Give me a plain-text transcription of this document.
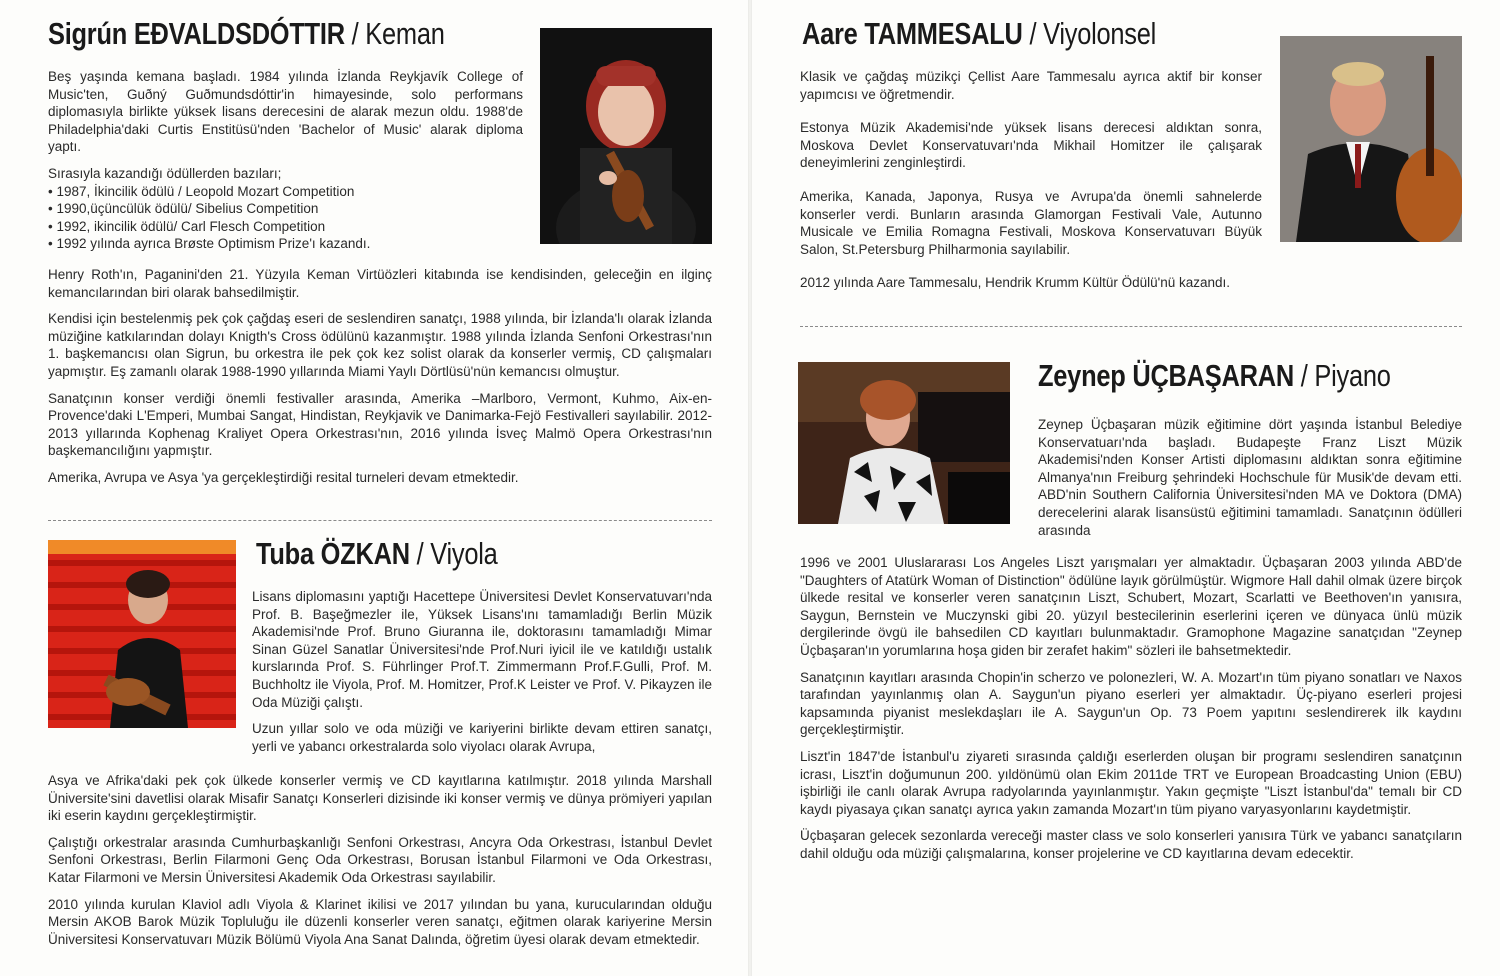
Sigrún EÐVALDSDÓTTIR / Keman

Beş yaşında kemana başladı. 1984 yılında İzlanda Reykjavík College of Music'ten, Guðný Guðmundsdóttir'in himayesinde, solo performans diplomasıyla birlikte yüksek lisans derecesini de alarak mezun oldu. 1988'de Philadelphia'daki Curtis Enstitüsü'nden 'Bachelor of Music' alarak diploma yaptı.

Sırasıyla kazandığı ödüllerden bazıları;

• 1987, İkincilik ödülü / Leopold Mozart Competition
• 1990,üçüncülük ödülü/ Sibelius Competition
• 1992, ikincilik ödülü/ Carl Flesch Competition
• 1992 yılında ayrıca Brøste Optimism Prize'ı kazandı.

Henry Roth'ın, Paganini'den 21. Yüzyıla Keman Virtüözleri kitabında ise kendisinden, geleceğin en ilginç kemancılarından biri olarak bahsedilmiştir.

Kendisi için bestelenmiş pek çok çağdaş eseri de seslendiren sanatçı, 1988 yılında, bir İzlanda'lı olarak İzlanda müziğine katkılarından dolayı Knigth's Cross ödülünü kazanmıştır. 1988 yılında İzlanda Senfoni Orkestrası'nın 1. başkemancısı olan Sigrun, bu orkestra ile pek çok kez solist olarak da konserler vermiş, CD çalışmaları yapmıştır. Eş zamanlı olarak 1988-1990 yıllarında Miami Yaylı Dörtlüsü'nün kemancısı olmuştur.

Sanatçının konser verdiği önemli festivaller arasında, Amerika –Marlboro, Vermont, Kuhmo, Aix-en-Provence'daki L'Emperi, Mumbai Sangat, Hindistan, Reykjavik ve Danimarka-Fejö Festivalleri sayılabilir. 2012-2013 yıllarında Kophenag Kraliyet Opera Orkestrası'nın, 2016 yılında İsveç Malmö Opera Orkestrası'nın başkemancılığını yapmıştır.

Amerika, Avrupa ve Asya 'ya gerçekleştirdiği resital turneleri devam etmektedir.

Tuba ÖZKAN / Viyola

Lisans diplomasını yaptığı Hacettepe Üniversitesi Devlet Konservatuvarı'nda Prof. B. Başeğmezler ile, Yüksek Lisans'ını tamamladığı Berlin Müzik Akademisi'nde Prof. Bruno Giuranna ile, doktorasını tamamladığı Mimar Sinan Güzel Sanatlar Üniversitesi'nde Prof.Nuri iyicil ile ve katıldığı ustalık kurslarında Prof. S. Führlinger Prof.T. Zimmermann Prof.F.Gulli, Prof. M. Buchholtz ile Viyola, Prof. M. Homitzer, Prof.K Leister ve Prof. V. Pikayzen ile Oda Müziği çalıştı.

Uzun yıllar solo ve oda müziği ve kariyerini birlikte devam ettiren sanatçı, yerli ve yabancı orkestralarda solo viyolacı olarak Avrupa,

Asya ve Afrika'daki pek çok ülkede konserler vermiş ve CD kayıtlarına katılmıştır. 2018 yılında Marshall Üniversite'sini davetlisi olarak Misafir Sanatçı Konserleri dizisinde iki konser vermiş ve dünya prömiyeri yapılan iki eserin kaydını gerçekleştirmiştir.

Çalıştığı orkestralar arasında Cumhurbaşkanlığı Senfoni Orkestrası, Ancyra Oda Orkestrası, İstanbul Devlet Senfoni Orkestrası, Berlin Filarmoni Genç Oda Orkestrası, Borusan İstanbul Filarmoni ve Oda Orkestrası, Katar Filarmoni ve Mersin Üniversitesi Akademik Oda Orkestrası sayılabilir.

2010 yılında kurulan Klaviol adlı Viyola & Klarinet ikilisi ve 2017 yılından bu yana, kurucularından olduğu Mersin AKOB Barok Müzik Topluluğu ile düzenli konserler veren sanatçı, eğitmen olarak kariyerine Mersin Üniversitesi Konservatuvarı Müzik Bölümü Viyola Ana Sanat Dalında, öğretim üyesi olarak devam etmektedir.

Aare TAMMESALU / Viyolonsel

Klasik ve çağdaş müzikçi Çellist Aare Tammesalu ayrıca aktif bir konser yapımcısı ve öğretmendir.

Estonya Müzik Akademisi'nde yüksek lisans derecesi aldıktan sonra, Moskova Devlet Konservatuvarı'nda Mikhail Homitzer ile çalışarak deneyimlerini zenginleştirdi.

Amerika, Kanada, Japonya, Rusya ve Avrupa'da önemli sahnelerde konserler verdi. Bunların arasında Glamorgan Festivali Vale, Autunno Musicale ve Emilia Romagna Festivali, Moskova Konservatuvarı Büyük Salon, St.Petersburg Philharmonia sayılabilir.

2012 yılında Aare Tammesalu, Hendrik Krumm Kültür Ödülü'nü kazandı.

Zeynep ÜÇBAŞARAN / Piyano

Zeynep Üçbaşaran müzik eğitimine dört yaşında İstanbul Belediye Konservatuarı'nda başladı. Budapeşte Franz Liszt Müzik Akademisi'nden Konser Artisti diplomasını aldıktan sonra eğitimine Almanya'nın Freiburg şehrindeki Hochschule für Musik'de devam etti. ABD'nin Southern California Üniversitesi'nden MA ve Doktora (DMA) derecelerini alarak lisansüstü eğitimini tamamladı. Sanatçının ödülleri arasında

1996 ve 2001 Uluslararası Los Angeles Liszt yarışmaları yer almaktadır. Üçbaşaran 2003 yılında ABD'de "Daughters of Atatürk Woman of Distinction" ödülüne layık görülmüştür. Wigmore Hall dahil olmak üzere birçok ülkede resital ve konserler veren sanatçının Liszt, Schubert, Mozart, Scarlatti ve Beethoven'ın yanısıra, Saygun, Bernstein ve Muczynski gibi 20. yüzyıl bestecilerinin eserlerini içeren ve dünyaca ünlü müzik dergilerinde övgü ile bahsedilen CD kayıtları bulunmaktadır. Gramophone Magazine sanatçıdan "Zeynep Üçbaşaran'ın yorumlarına hoşa giden bir zerafet hakim" sözleri ile bahsetmektedir.

Sanatçının kayıtları arasında Chopin'in scherzo ve polonezleri, W. A. Mozart'ın tüm piyano sonatları ve Naxos tarafından yayınlanmış olan A. Saygun'un piyano eserleri yer almaktadır. Üç-piyano eserleri projesi kapsamında piyanist meslekdaşları ile A. Saygun'un Op. 73 Poem yapıtını seslendirerek ilk kaydını gerçekleştirmiştir.

Liszt'in 1847'de İstanbul'u ziyareti sırasında çaldığı eserlerden oluşan bir programı seslendiren sanatçının icrası, Liszt'in doğumunun 200. yıldönümü olan Ekim 2011de TRT ve European Broadcasting Union (EBU) işbirliği ile canlı olarak Avrupa radyolarında yayınlanmıştır. Yakın geçmişte "Liszt İstanbul'da" temalı bir CD kaydı piyasaya çıkan sanatçı ayrıca yakın zamanda Mozart'ın tüm piyano varyasyonlarını kaydetmiştir.

Üçbaşaran gelecek sezonlarda vereceği master class ve solo konserleri yanısıra Türk ve yabancı sanatçıların dahil olduğu oda müziği çalışmalarına, konser projelerine ve CD kayıtlarına devam edecektir.
